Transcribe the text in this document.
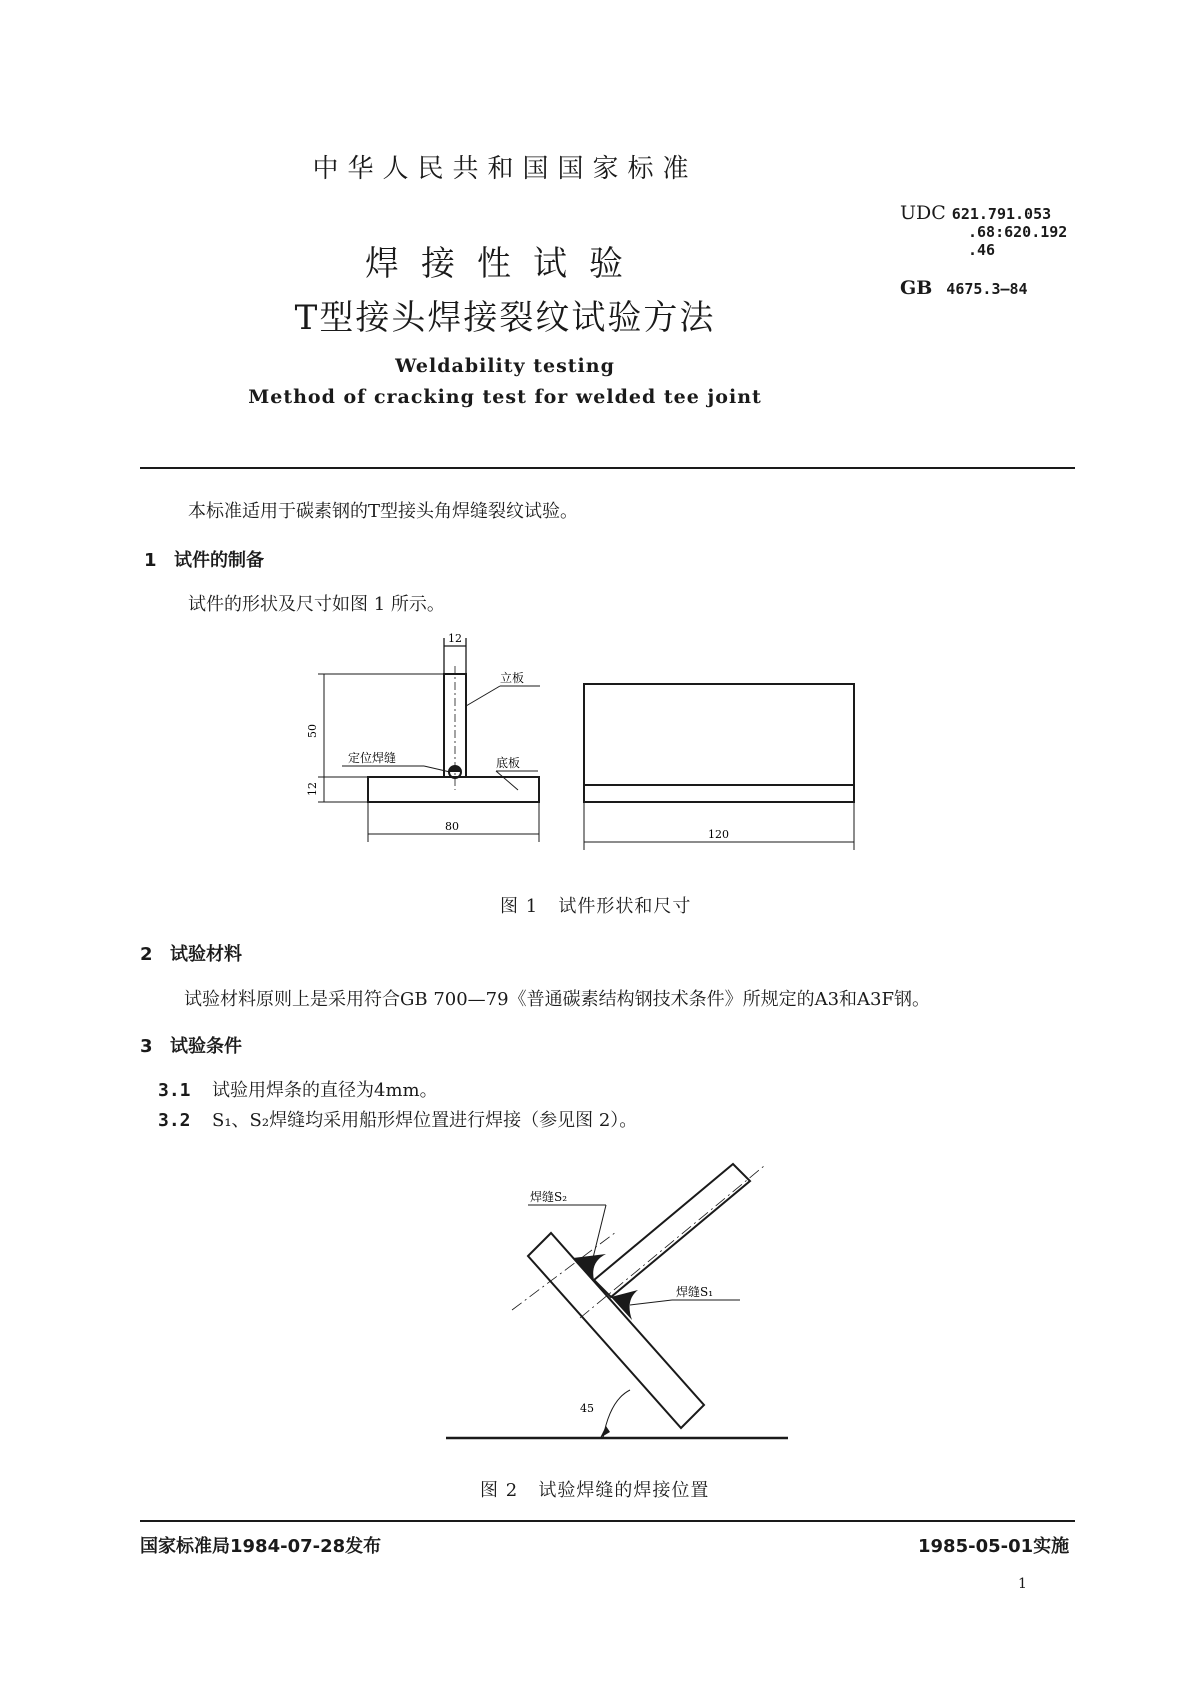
中华人民共和国国家标准
焊接性试验
T型接头焊接裂纹试验方法
Weldability testing
Method of cracking test for welded tee joint
UDC 621.791.053
.68:620.192
.46
GB 4675.3—84
本标准适用于碳素钢的T型接头角焊缝裂纹试验。
1 试件的制备
试件的形状及尺寸如图 1 所示。
12
50
12
80
120
立板
定位焊缝	底板
图 1 试件形状和尺寸
2 试验材料
试验材料原则上是采用符合GB 700—79《普通碳素结构钢技术条件》所规定的A3和A3F钢。
3 试验条件
3.1 试验用焊条的直径为4mm。
3.2 S₁、S₂焊缝均采用船形焊位置进行焊接（参见图 2）。
焊缝S₂
焊缝S₁
45
图 2 试验焊缝的焊接位置
国家标准局1984-07-28发布	1985-05-01实施
1
